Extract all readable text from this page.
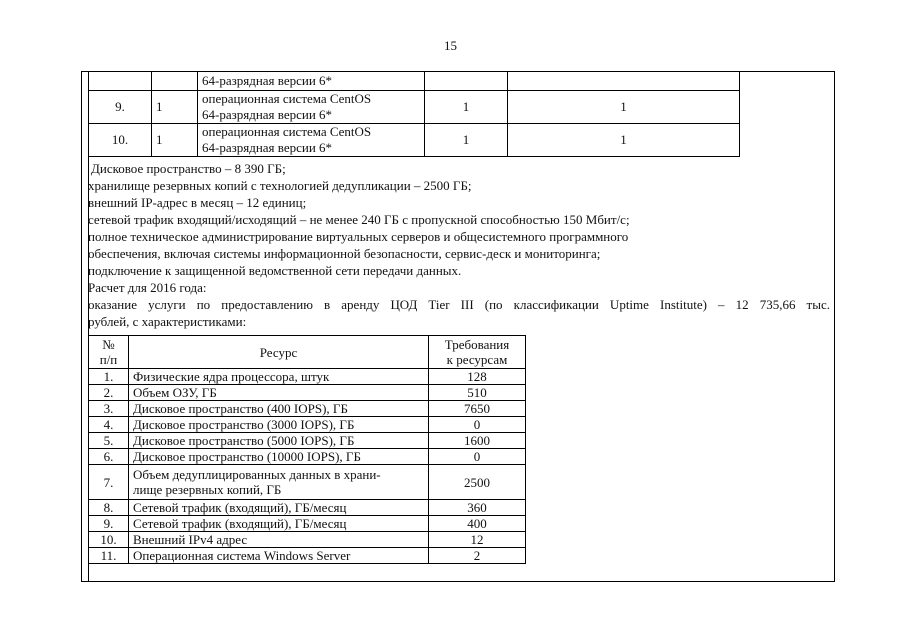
15

		64-разрядная версии 6*		

9.	1	операционная система CentOS
64-разрядная версии 6*	1	1
10.	1	операционная система CentOS
64-разрядная версии 6*	1	1
Дисковое пространство – 8 390 ГБ;
хранилище резервных копий с технологией дедупликации – 2500 ГБ;
внешний IP-адрес в месяц – 12 единиц;
сетевой трафик входящий/исходящий – не менее 240 ГБ с пропускной способностью 150 Мбит/с;
полное техническое администрирование виртуальных серверов и общесистемного программного
обеспечения, включая системы информационной безопасности, сервис-деск и мониторинга;
подключение к защищенной ведомственной сети передачи данных.
Расчет для 2016 года:
оказание услуги по предоставлению в аренду ЦОД Tier III (по классификации Uptime Institute) – 12 735,66 тыс.
рублей, с характеристиками:
№
п/п	Ресурс	Требования
к ресурсам
1.	Физические ядра процессора, штук	128
2.	Объем ОЗУ, ГБ	510
3.	Дисковое пространство (400 IOPS), ГБ	7650
4.	Дисковое пространство (3000 IOPS), ГБ	0
5.	Дисковое пространство (5000 IOPS), ГБ	1600
6.	Дисковое пространство (10000 IOPS), ГБ	0
7.	Объем дедуплицированных данных в храни-
лище резервных копий, ГБ	2500
8.	Сетевой трафик (входящий), ГБ/месяц	360
9.	Сетевой трафик (входящий), ГБ/месяц	400
10.	Внешний IPv4 адрес	12
11.	Операционная система Windows Server	2
